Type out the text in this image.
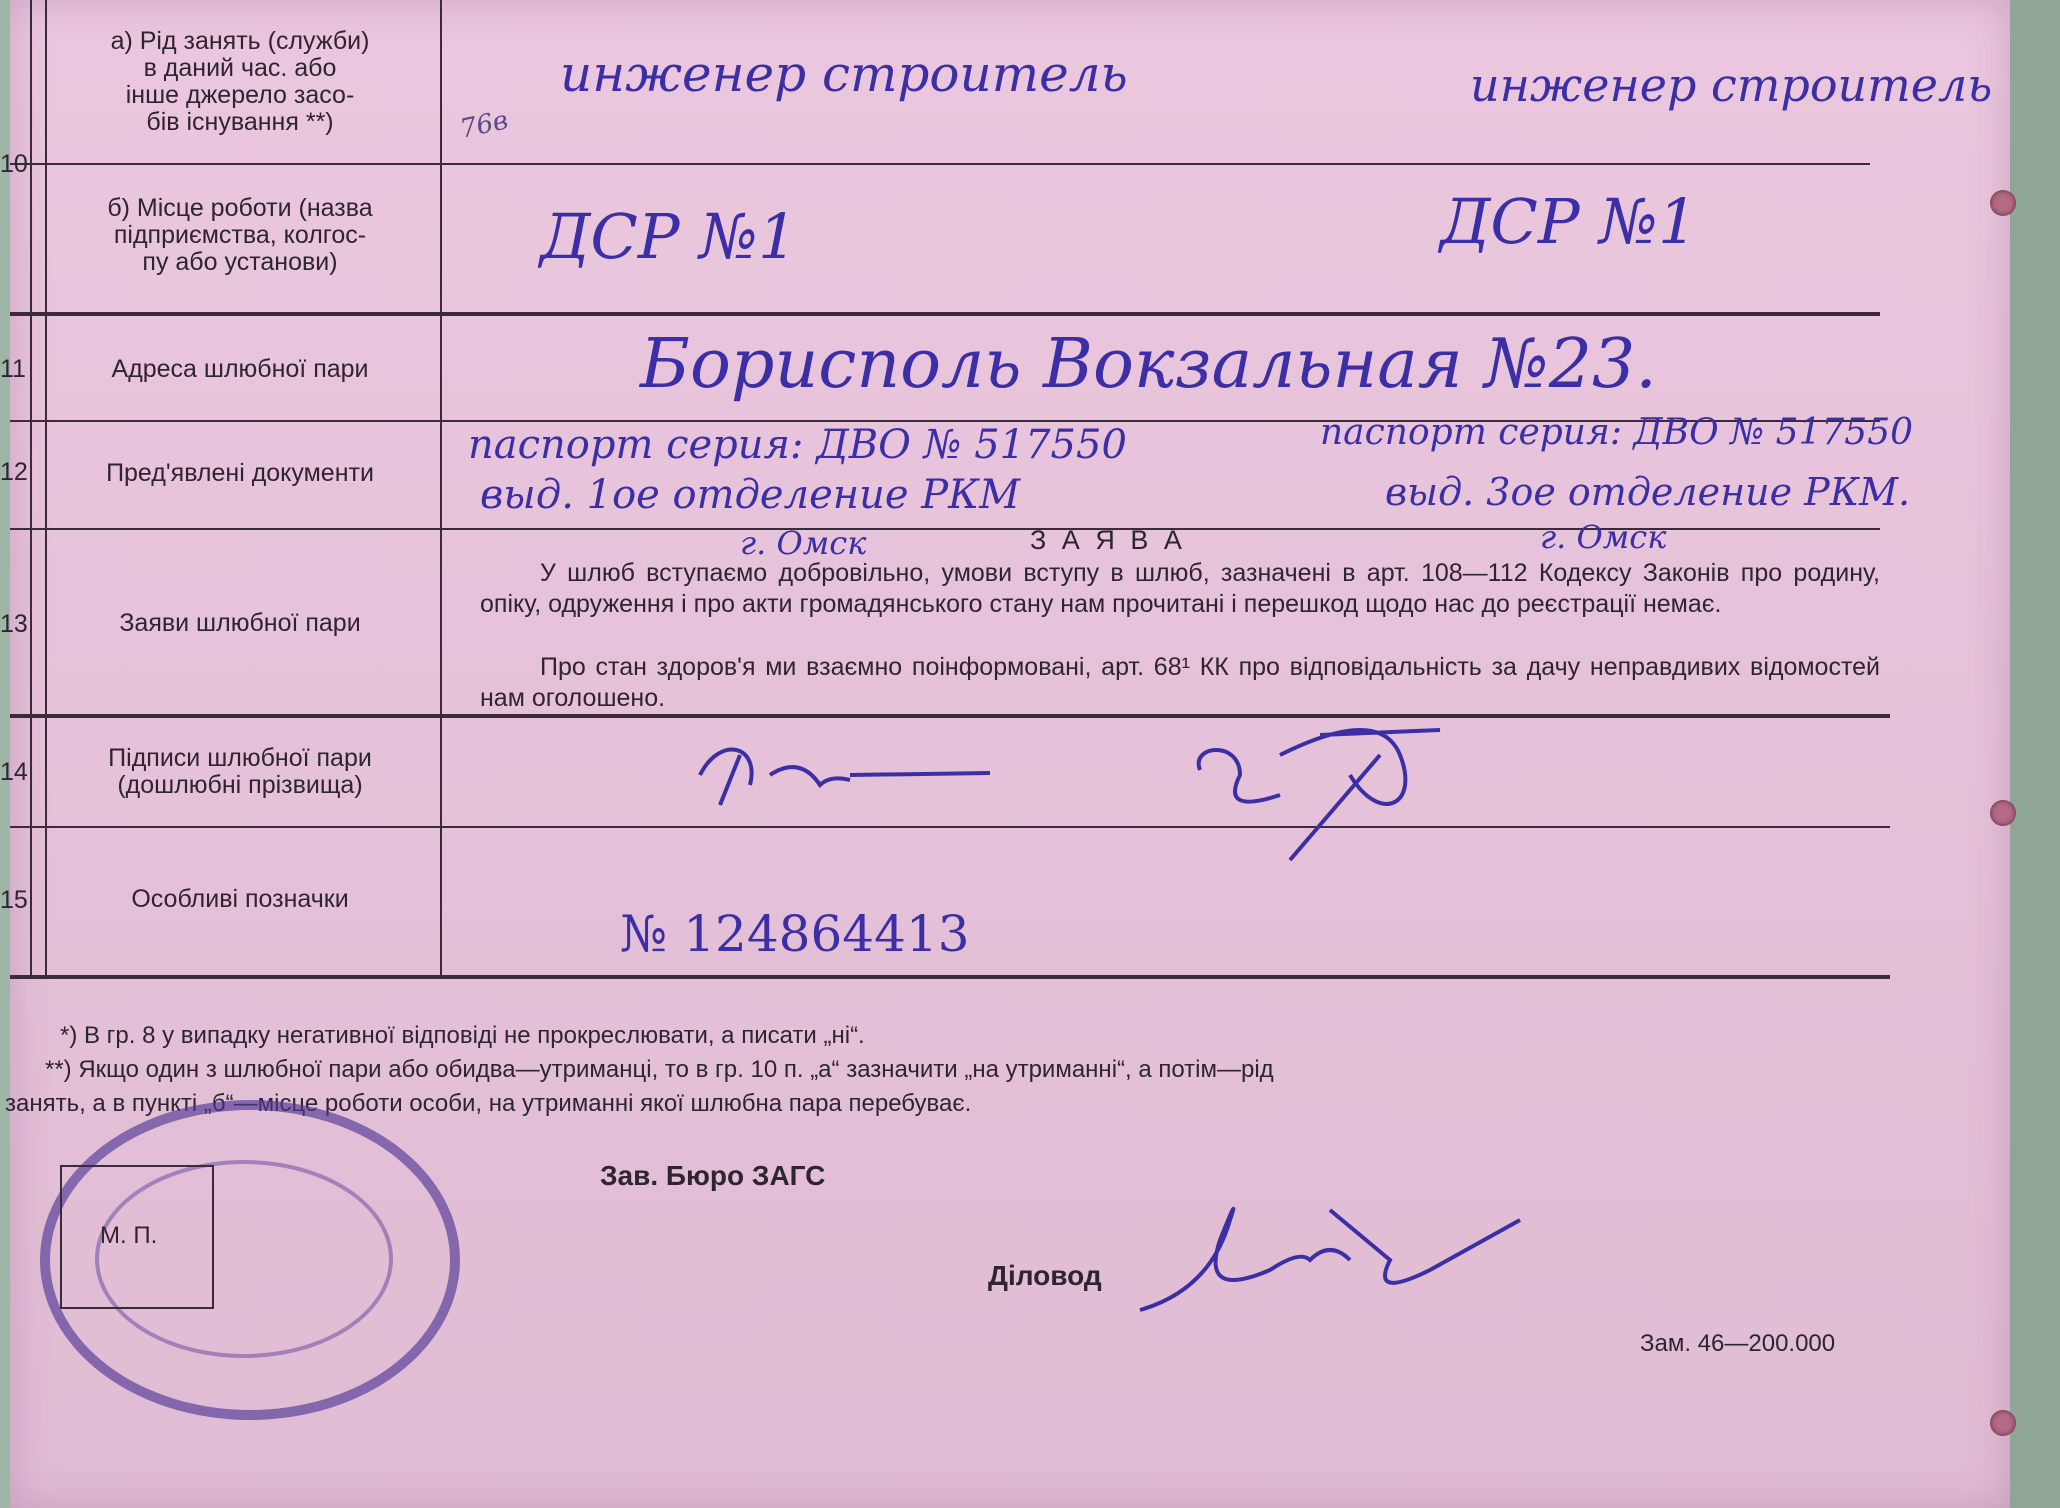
10
11
12
13
14
15
а) Рід занять (служби)
в даний час. або
інше джерело засо-
бів існування **)
б) Місце роботи (назва
підприємства, колгос-
пу або установи)
Адреса шлюбної пари
Пред'явлені документи
Заяви шлюбної пари
Підписи шлюбної пари
(дошлюбні прізвища)
Особливі позначки
76в
инженер строитель	инженер строитель
ДСР №1	ДСР №1
Борисполь Вокзальная №23.
паспорт серия: ДВО № 517550
выд. 1ое отделение РКМ
г. Омск
паспорт серия: ДВО № 517550
выд. 3ое отделение РКМ.
г. Омск
З А Я В А
У шлюб вступаємо добровільно, умови вступу в шлюб, зазначені в арт. 108—112 Кодексу Законів про родину, опіку, одруження і про акти громадянського стану нам прочитані і перешкод щодо нас до реєстрації немає.
Про стан здоров'я ми взаємно поінформовані, арт. 68¹ КК про відповідальність за дачу неправдивих відомостей нам оголошено.
№ 124864413
*) В гр. 8 у випадку негативної відповіді не прокреслювати, а писати „ні“.
**) Якщо один з шлюбної пари або обидва—утриманці, то в гр. 10 п. „а“ зазначити „на утриманні“, а потім—рід
занять, а в пункті „б“—місце роботи особи, на утриманні якої шлюбна пара перебуває.
М. П.
Зав. Бюро ЗАГС
Діловод
Зам. 46—200.000
